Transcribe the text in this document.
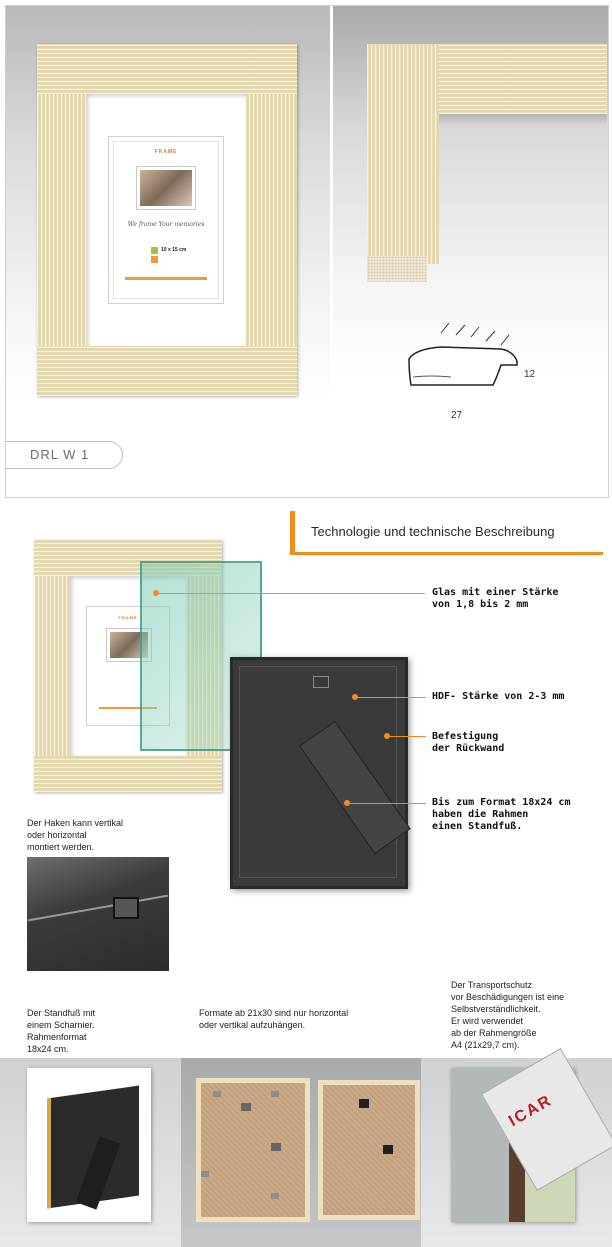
FRAME
We frame Your memories
10 x 15 cm
12
27
DRL W 1
Technologie und technische Beschreibung
FRAME
Glas mit einer Stärke
von 1,8 bis 2 mm
HDF- Stärke von 2-3 mm
Befestigung
der Rückwand
Bis zum Format 18x24 cm
haben die Rahmen
einen Standfuß.
Der Haken kann vertikal
oder horizontal
montiert werden.
Der Standfuß mit
einem Scharnier.
Rahmenformat
18x24 cm.
Formate ab 21x30 sind nur horizontal
oder vertikal aufzuhängen.
Der Transportschutz
vor Beschädigungen ist eine
Selbstverständlichkeit.
Er wird verwendet
ab der Rahmengröße
A4 (21x29,7 cm).
ICAR
